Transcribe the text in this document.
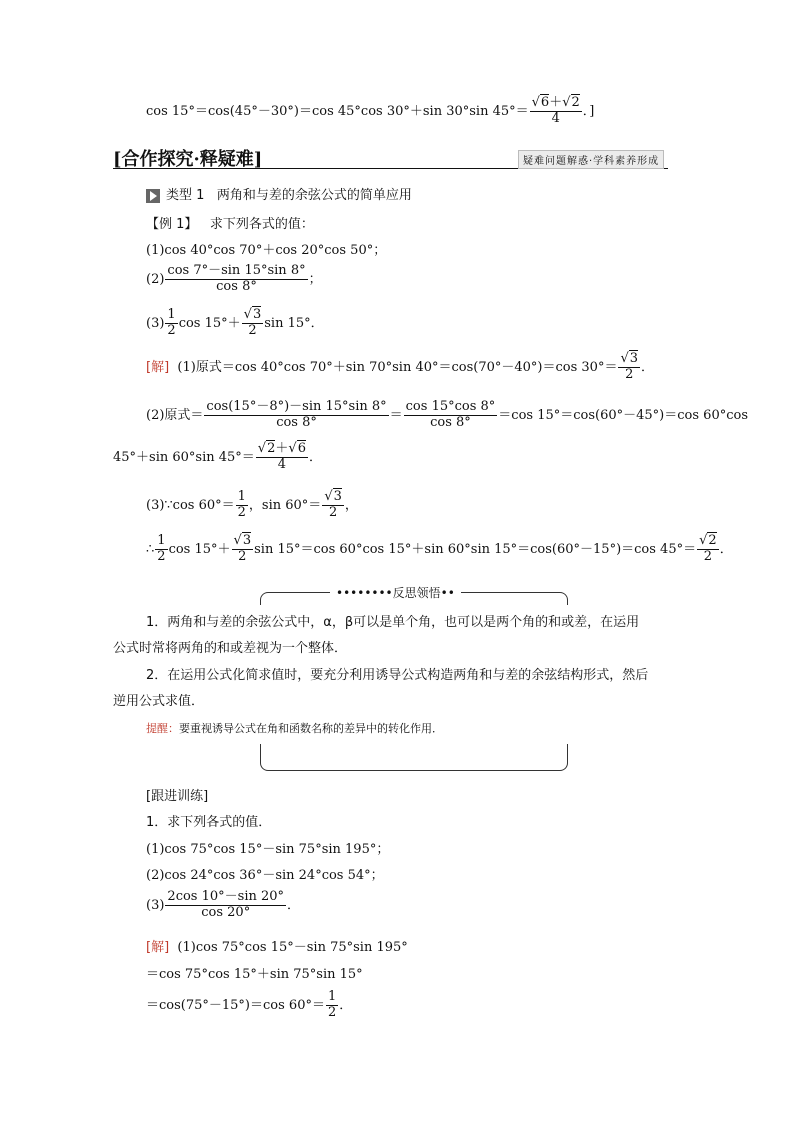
cos 15°＝cos(45°－30°)＝cos 45°cos 30°＋sin 30°sin $45^\circ= \frac{√6+√2}{4}$ ．]
[合作探究·释疑难]	疑难问题解惑·学科素养形成
类型 1 两角和与差的余弦公式的简单应用
【例 1】 求下列各式的值：
(1)cos 40°cos 70°＋cos 20°cos 50°；
$(2) \frac{\cos 7^\circ-\sin 15^\circ\sin 8^\circ}{\cos 8^\circ}$ ；
$(3) \frac{1}{2}$ $\cos 15^\circ+ \frac{√3}{2}$ sin 15°．
[解] (1)原式＝cos 40°cos 70°＋sin 70°sin 40°＝cos(70°－40°)＝cos $30^\circ= \frac{√3}{2}$ ．
(2)原式＝ $\frac{\cos(15^\circ-8^\circ)-\sin 15^\circ\sin 8^\circ}{\cos 8^\circ} = \frac{\cos 15^\circ\cos 8^\circ}{\cos 8^\circ} =\cos$ 15°＝cos(60°－45°)＝cos 60°cos
45°＋sin 60°sin $45^\circ= \frac{√2+√6}{4}$ ．
(3)∵cos $60^\circ= \frac{1}{2}$ ，$\sin 60^\circ= \frac{√3}{2}$ ，
∴ $\frac{1}{2}$ $\cos 15^\circ+ \frac{√3}{2}$ sin 15°＝cos 60°cos 15°＋sin 60°sin 15°＝cos(60°－15°)＝cos $45^\circ= \frac{√2}{2}$ ．
••••••••反思领悟••
1．两角和与差的余弦公式中，α，β可以是单个角，也可以是两个角的和或差，在运用
公式时常将两角的和或差视为一个整体．
2．在运用公式化简求值时，要充分利用诱导公式构造两角和与差的余弦结构形式，然后
逆用公式求值．
提醒：要重视诱导公式在角和函数名称的差异中的转化作用．
[跟进训练]
1．求下列各式的值．
(1)cos 75°cos 15°－sin 75°sin 195°；
(2)cos 24°cos 36°－sin 24°cos 54°；
$(3) \frac{2\cos 10^\circ-\sin 20^\circ}{\cos 20^\circ}$ ．
[解] (1)cos 75°cos 15°－sin 75°sin 195°
＝cos 75°cos 15°＋sin 75°sin 15°
＝cos(75°－15°)＝cos $60^\circ= \frac{1}{2}$ ．
